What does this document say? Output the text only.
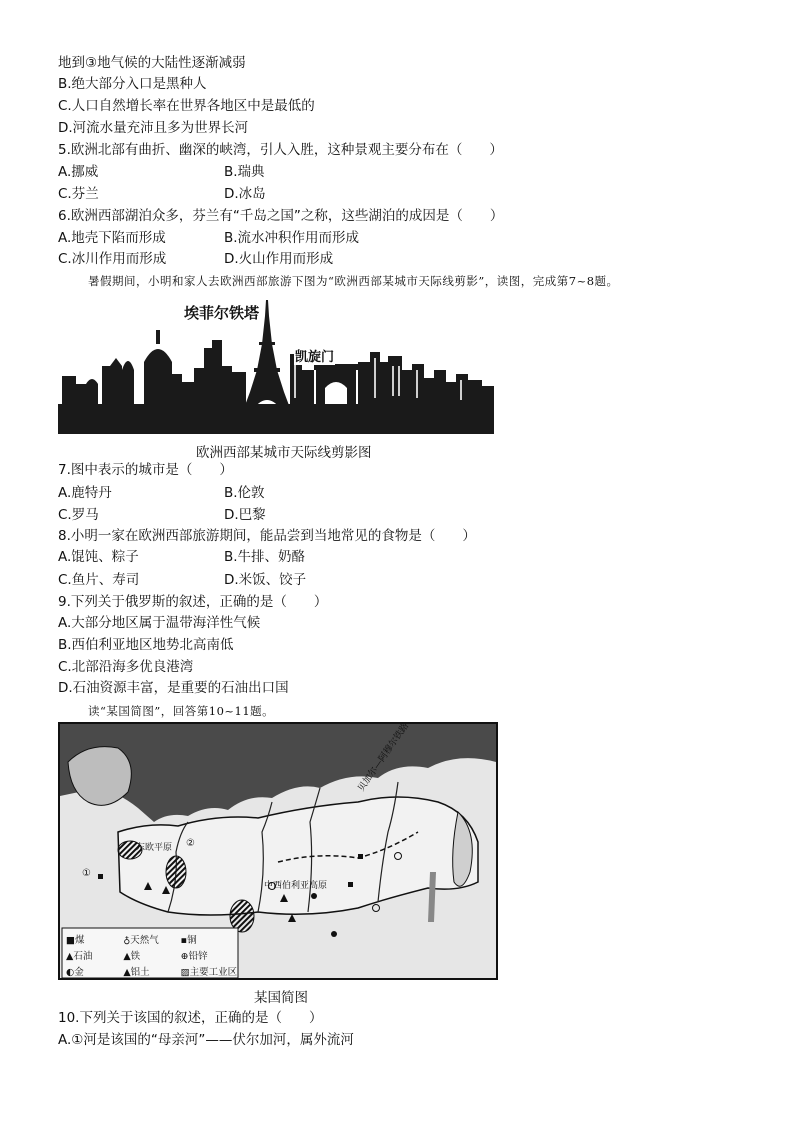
地到③地气候的大陆性逐渐减弱
B.绝大部分入口是黑种人
C.人口自然增长率在世界各地区中是最低的
D.河流水量充沛且多为世界长河
5.欧洲北部有曲折、幽深的峡湾，引人入胜，这种景观主要分布在（　　）
A.挪威	B.瑞典
C.芬兰	D.冰岛
6.欧洲西部湖泊众多，芬兰有“千岛之国”之称，这些湖泊的成因是（　　）
A.地壳下陷而形成	B.流水冲积作用而形成
C.冰川作用而形成	D.火山作用而形成
暑假期间，小明和家人去欧洲西部旅游下图为“欧洲西部某城市天际线剪影”，读图，完成第7~8题。
埃菲尔铁塔
凯旋门
欧洲西部某城市天际线剪影图
7.图中表示的城市是（　　）
A.鹿特丹	B.伦敦
C.罗马	D.巴黎
8.小明一家在欧洲西部旅游期间，能品尝到当地常见的食物是（　　）
A.馄饨、粽子	B.牛排、奶酪
C.鱼片、寿司	D.米饭、饺子
9.下列关于俄罗斯的叙述，正确的是（　　）
A.大部分地区属于温带海洋性气候
B.西伯利亚地区地势北高南低
C.北部沿海多优良港湾
D.石油资源丰富，是重要的石油出口国
读“某国简图”，回答第10~11题。
①
②
东欧平原
中西伯利亚高原
贝加尔—阿穆尔铁路
■煤	♁天然气	▪铜
▲石油	▲铁	⊕铅锌
◐金	▲铝土	▨主要工业区
某国简图
10.下列关于该国的叙述，正确的是（　　）
A.①河是该国的“母亲河”——伏尔加河，属外流河
